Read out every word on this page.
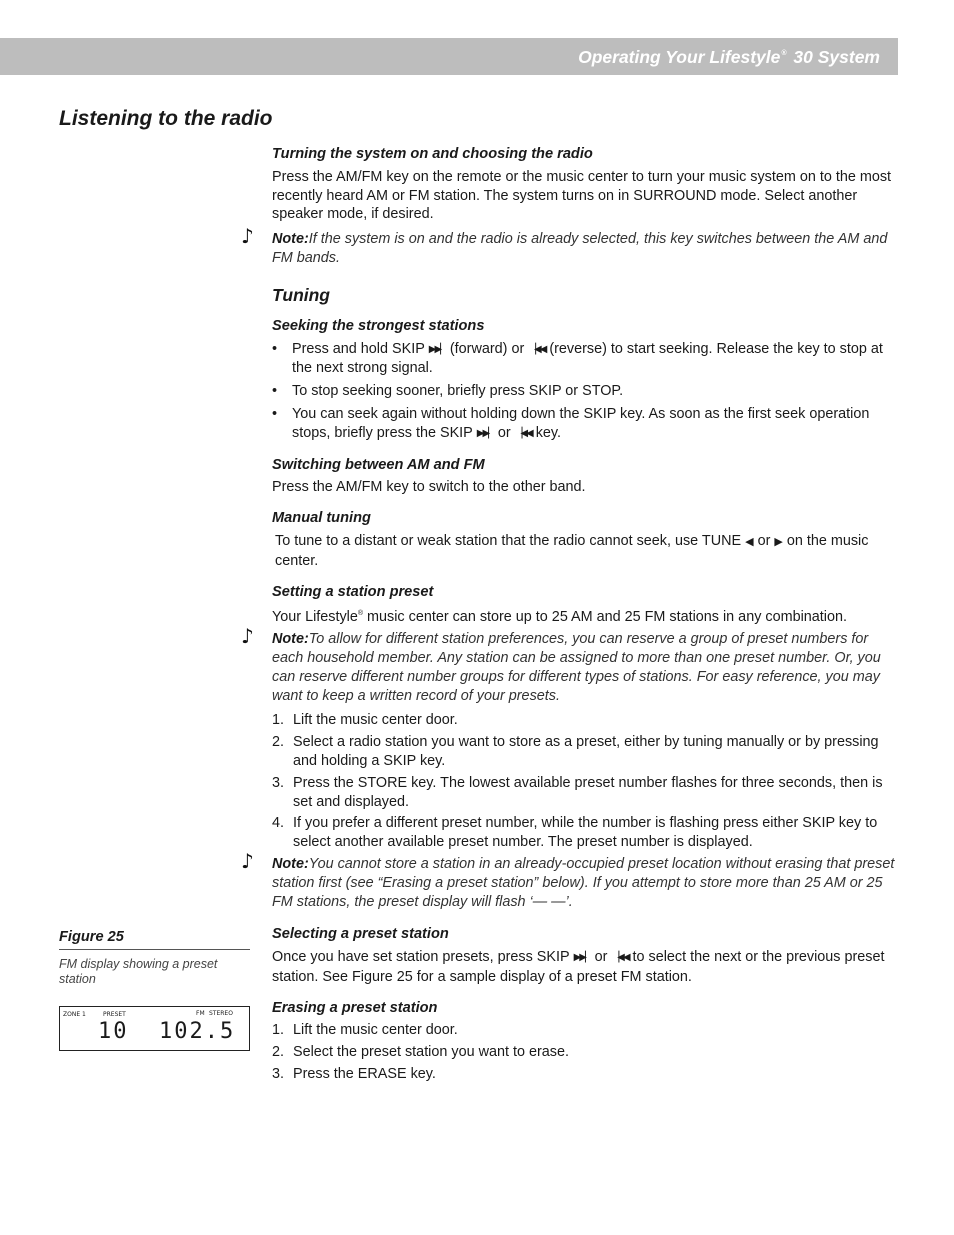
Operating Your Lifestyle® 30 System

Listening to the radio

Turning the system on and choosing the radio

Press the AM/FM key on the remote or the music center to turn your music system on to the most recently heard AM or FM station. The system turns on in SURROUND mode. Select another speaker mode, if desired.

♪ Note:If the system is on and the radio is already selected, this key switches between the AM and FM bands.

Tuning

Seeking the strongest stations

• Press and hold SKIP ▶▶▏ (forward) or ▕◀◀ (reverse) to start seeking. Release the key to stop at the next strong signal.
• To stop seeking sooner, briefly press SKIP or STOP.
• You can seek again without holding down the SKIP key. As soon as the first seek operation stops, briefly press the SKIP ▶▶▏ or ▕◀◀ key.

Switching between AM and FM

Press the AM/FM key to switch to the other band.

Manual tuning

To tune to a distant or weak station that the radio cannot seek, use TUNE ◀ or ▶ on the music center.

Setting a station preset

Your Lifestyle® music center can store up to 25 AM and 25 FM stations in any combination.

♪ Note:To allow for different station preferences, you can reserve a group of preset numbers for each household member. Any station can be assigned to more than one preset number. Or, you can reserve different number groups for different types of stations. For easy reference, you may want to keep a written record of your presets.

1. Lift the music center door.
2. Select a radio station you want to store as a preset, either by tuning manually or by pressing and holding a SKIP key.
3. Press the STORE key. The lowest available preset number flashes for three seconds, then is set and displayed.
4. If you prefer a different preset number, while the number is flashing press either SKIP key to select another available preset number. The preset number is displayed.

♪ Note:You cannot store a station in an already-occupied preset location without erasing that preset station first (see “Erasing a preset station” below). If you attempt to store more than 25 AM or 25 FM stations, the preset display will flash ‘— —’.

Selecting a preset station

Once you have set station presets, press SKIP ▶▶▏ or ▕◀◀ to select the next or the previous preset station. See Figure 25 for a sample display of a preset FM station.

Erasing a preset station

1. Lift the music center door.
2. Select the preset station you want to erase.
3. Press the ERASE key.

Figure 25

FM display showing a preset station

ZONE 1	PRESET	FM STEREO
10 102.5
